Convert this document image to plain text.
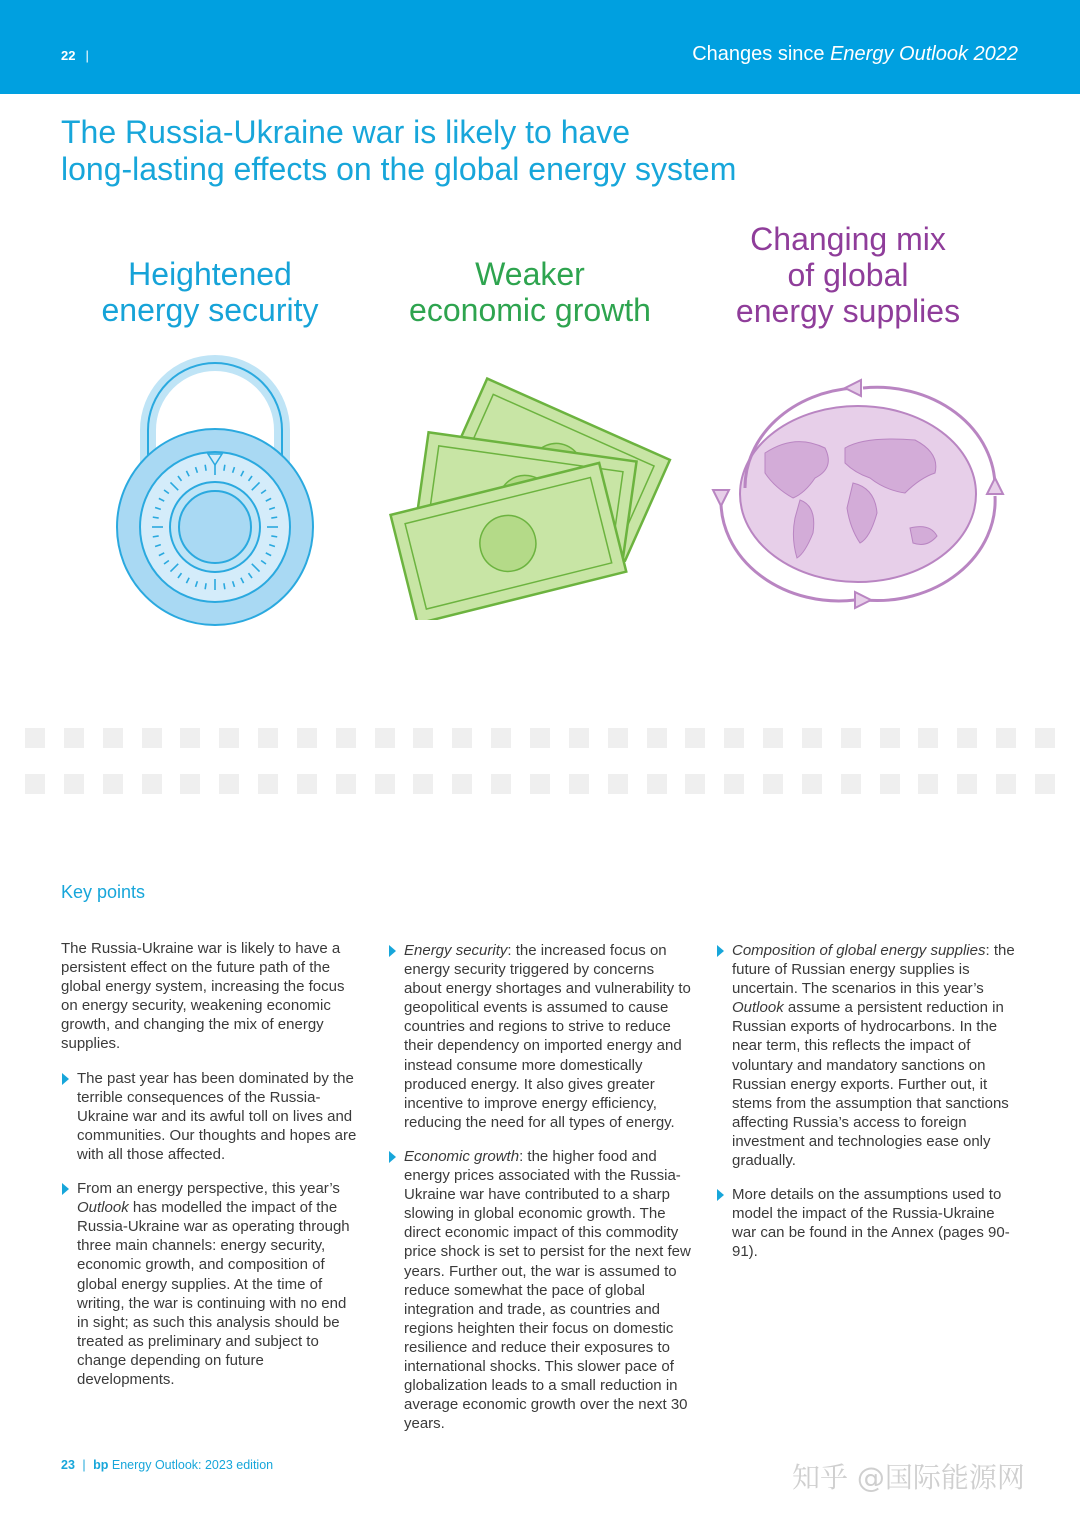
22 |	Changes since Energy Outlook 2022
The Russia-Ukraine war is likely to have
long-lasting effects on the global energy system
Heightened
energy security
Weaker
economic growth
Changing mix
of global
energy supplies
Key points

The Russia-Ukraine war is likely to have a persistent effect on the future path of the global energy system, increasing the focus on energy security, weakening economic growth, and changing the mix of energy supplies.

The past year has been dominated by the terrible consequences of the Russia-Ukraine war and its awful toll on lives and communities. Our thoughts and hopes are with all those affected.
From an energy perspective, this year’s Outlook has modelled the impact of the Russia-Ukraine war as operating through three main channels: energy security, economic growth, and composition of global energy supplies. At the time of writing, the war is continuing with no end in sight; as such this analysis should be treated as preliminary and subject to change depending on future developments.
Energy security: the increased focus on energy security triggered by concerns about energy shortages and vulnerability to geopolitical events is assumed to cause countries and regions to strive to reduce their dependency on imported energy and instead consume more domestically produced energy. It also gives greater incentive to improve energy efficiency, reducing the need for all types of energy.
Economic growth: the higher food and energy prices associated with the Russia-Ukraine war have contributed to a sharp slowing in global economic growth. The direct economic impact of this commodity price shock is set to persist for the next few years. Further out, the war is assumed to reduce somewhat the pace of global integration and trade, as countries and regions heighten their focus on domestic resilience and reduce their exposures to international shocks. This slower pace of globalization leads to a small reduction in average economic growth over the next 30 years.
Composition of global energy supplies: the future of Russian energy supplies is uncertain. The scenarios in this year’s Outlook assume a persistent reduction in Russian exports of hydrocarbons. In the near term, this reflects the impact of voluntary and mandatory sanctions on Russian energy exports. Further out, it stems from the assumption that sanctions affecting Russia’s access to foreign investment and technologies ease only gradually.
More details on the assumptions used to model the impact of the Russia-Ukraine war can be found in the Annex (pages 90-91).
23 | bp Energy Outlook: 2023 edition	知乎 @国际能源网
